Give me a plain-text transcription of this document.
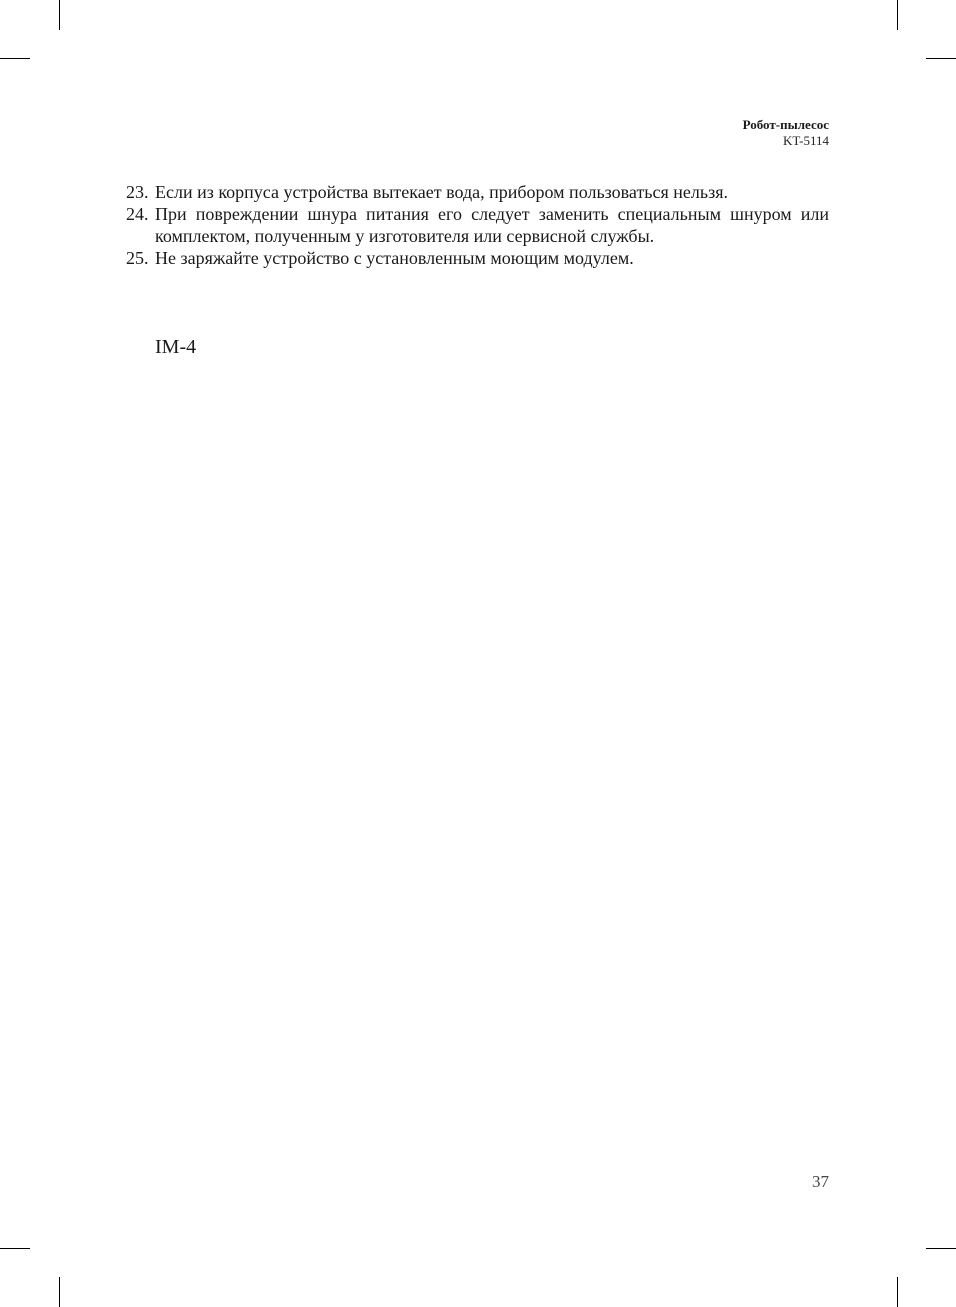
Робот-пылесос
KT-5114
23. Если из корпуса устройства вытекает вода, прибором пользоваться нельзя.
24. При повреждении шнура питания его следует заменить специальным шнуром или комплектом, полученным у изготовителя или сервисной службы.
25. Не заряжайте устройство с установленным моющим модулем.
IM-4
37
